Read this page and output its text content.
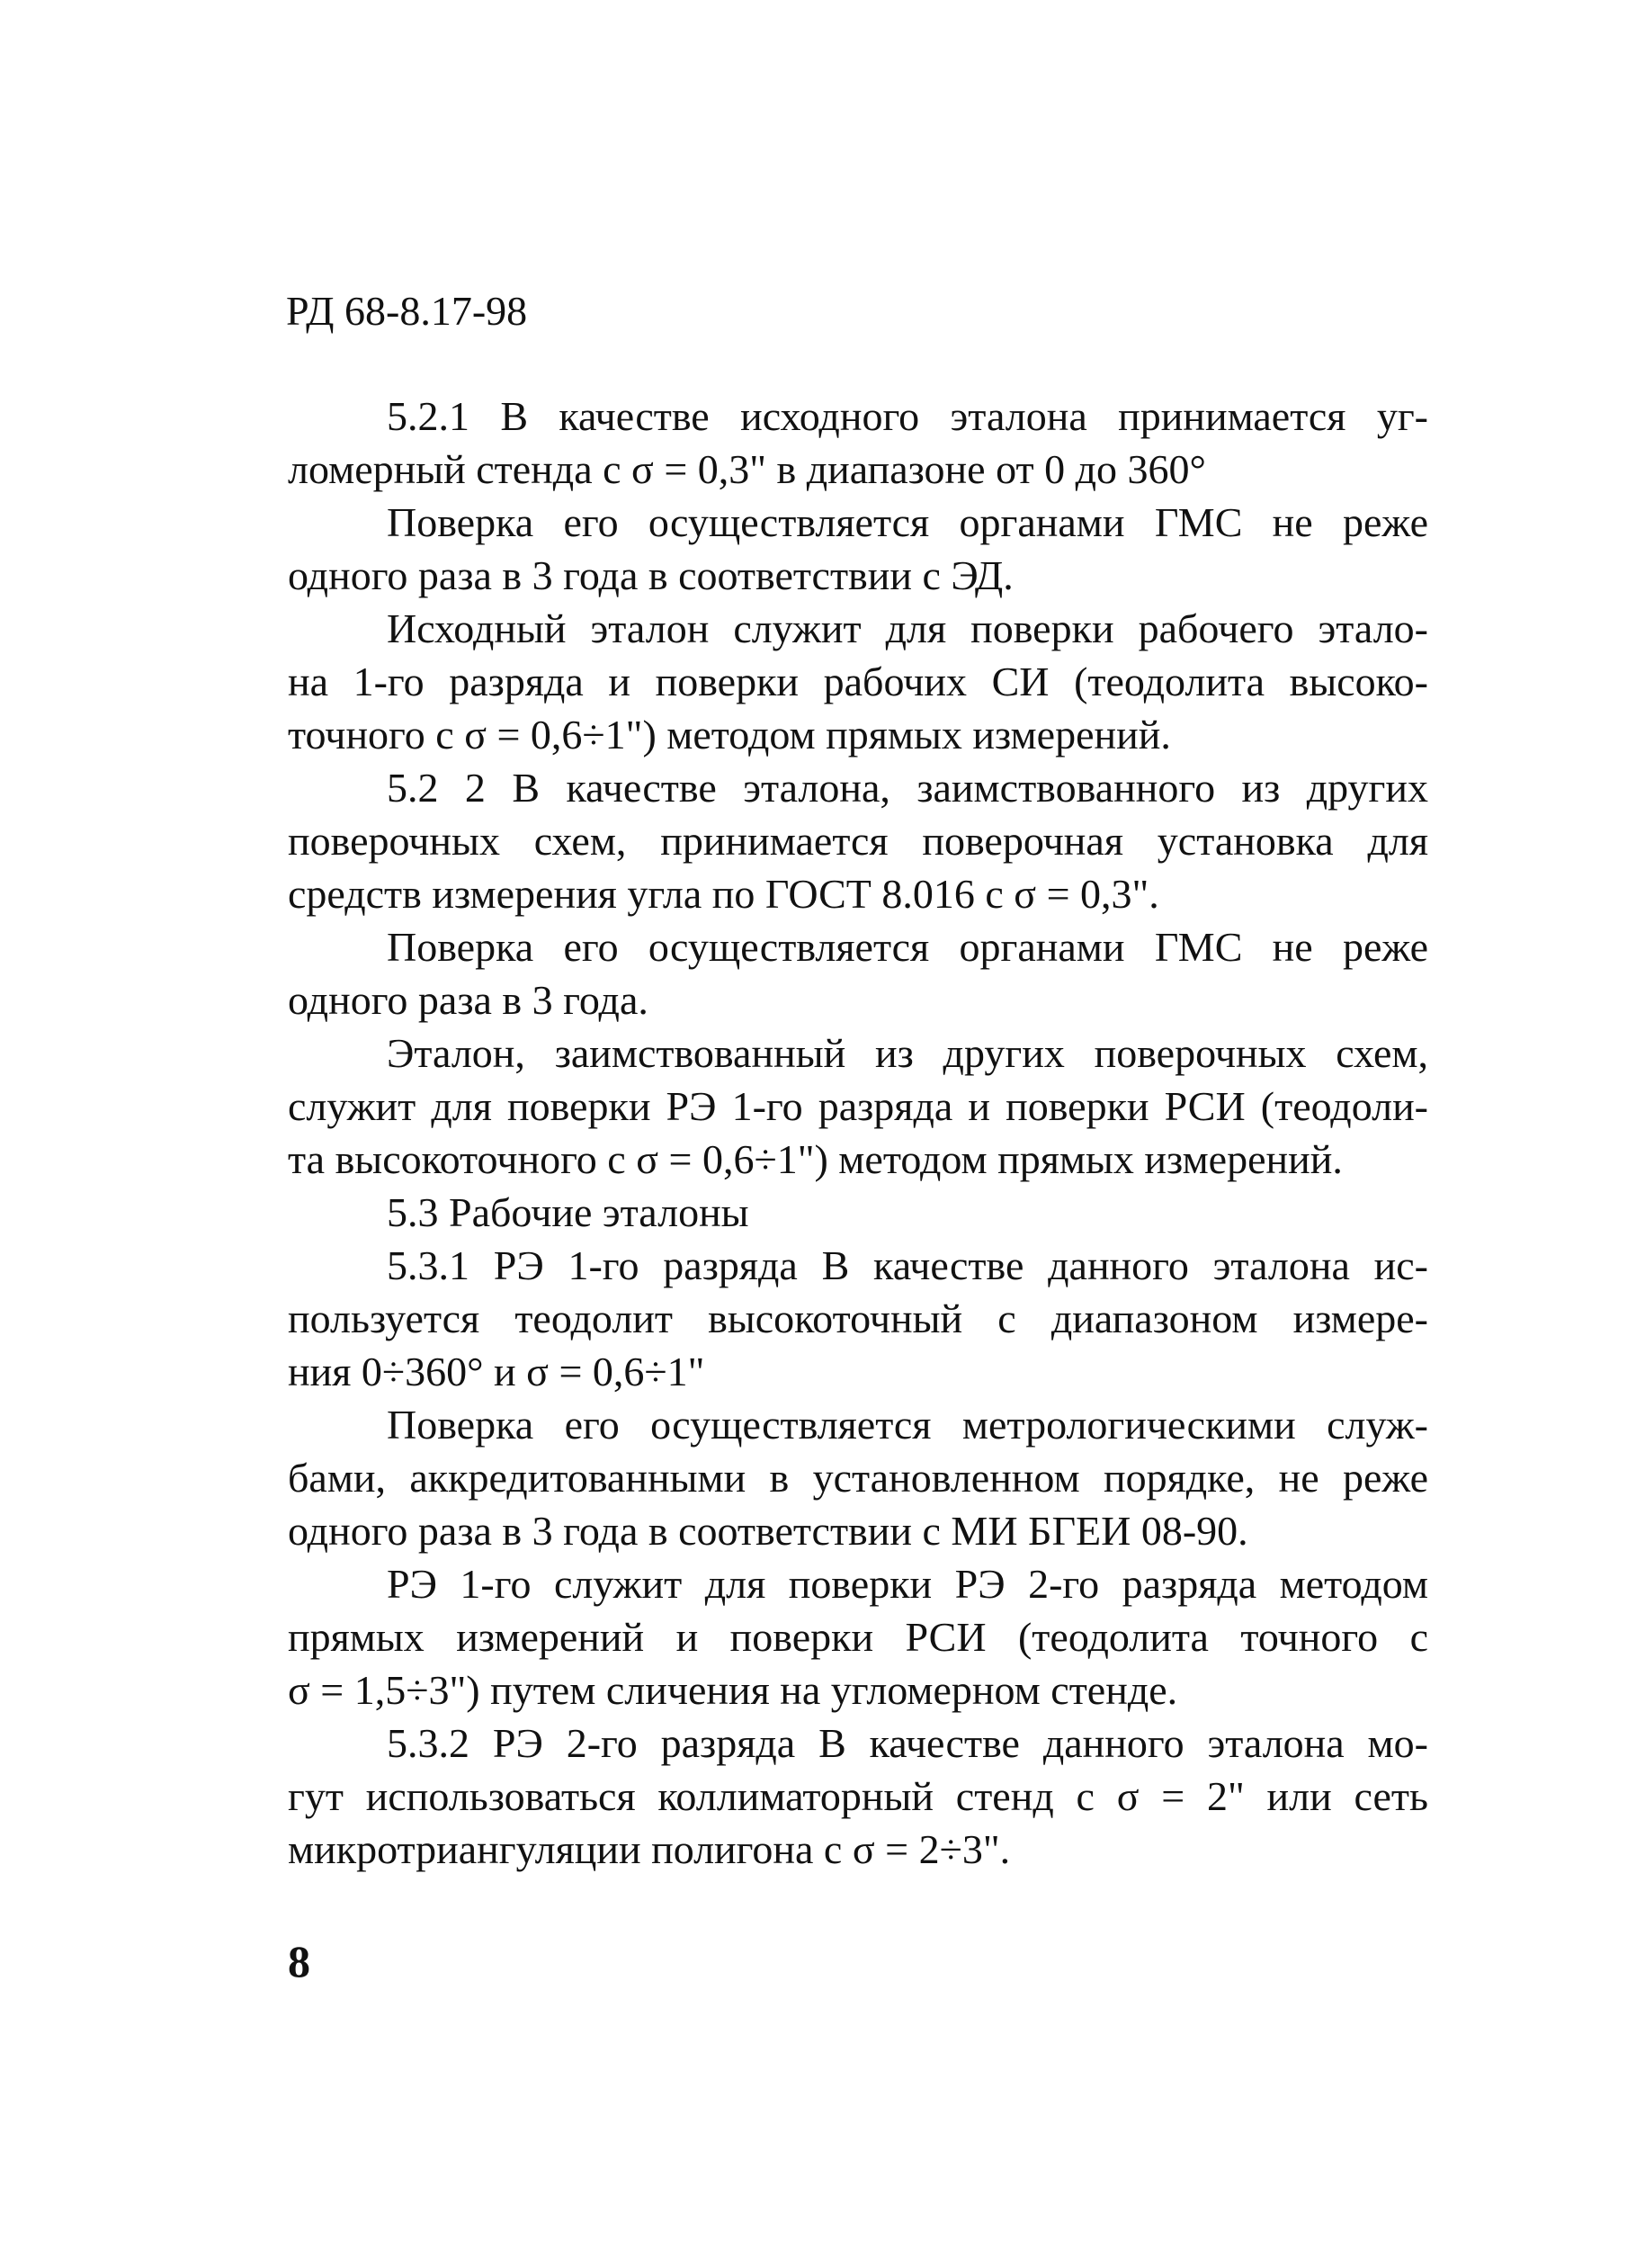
РД 68-8.17-98
5.2.1 В качестве исходного эталона принимается уг-
ломерный стенда с σ = 0,3" в диапазоне от 0 до 360°
Поверка его осуществляется органами ГМС не реже
одного раза в 3 года в соответствии с ЭД.
Исходный эталон служит для поверки рабочего этало-
на 1-го разряда и поверки рабочих СИ (теодолита высоко-
точного с σ = 0,6÷1") методом прямых измерений.
5.2 2 В качестве эталона, заимствованного из других
поверочных схем, принимается поверочная установка для
средств измерения угла по ГОСТ 8.016 с σ = 0,3".
Поверка его осуществляется органами ГМС не реже
одного раза в 3 года.
Эталон, заимствованный из других поверочных схем,
служит для поверки РЭ 1-го разряда и поверки РСИ (теодоли-
та высокоточного с σ = 0,6÷1") методом прямых измерений.
5.3 Рабочие эталоны
5.3.1 РЭ 1-го разряда В качестве данного эталона ис-
пользуется теодолит высокоточный с диапазоном измере-
ния 0÷360° и σ = 0,6÷1"
Поверка его осуществляется метрологическими служ-
бами, аккредитованными в установленном порядке, не реже
одного раза в 3 года в соответствии с МИ БГЕИ 08-90.
РЭ 1-го служит для поверки РЭ 2-го разряда методом
прямых измерений и поверки РСИ (теодолита точного с
σ = 1,5÷3") путем сличения на угломерном стенде.
5.3.2 РЭ 2-го разряда В качестве данного эталона мо-
гут использоваться коллиматорный стенд с σ = 2" или сеть
микротриангуляции полигона с σ = 2÷3".
8
